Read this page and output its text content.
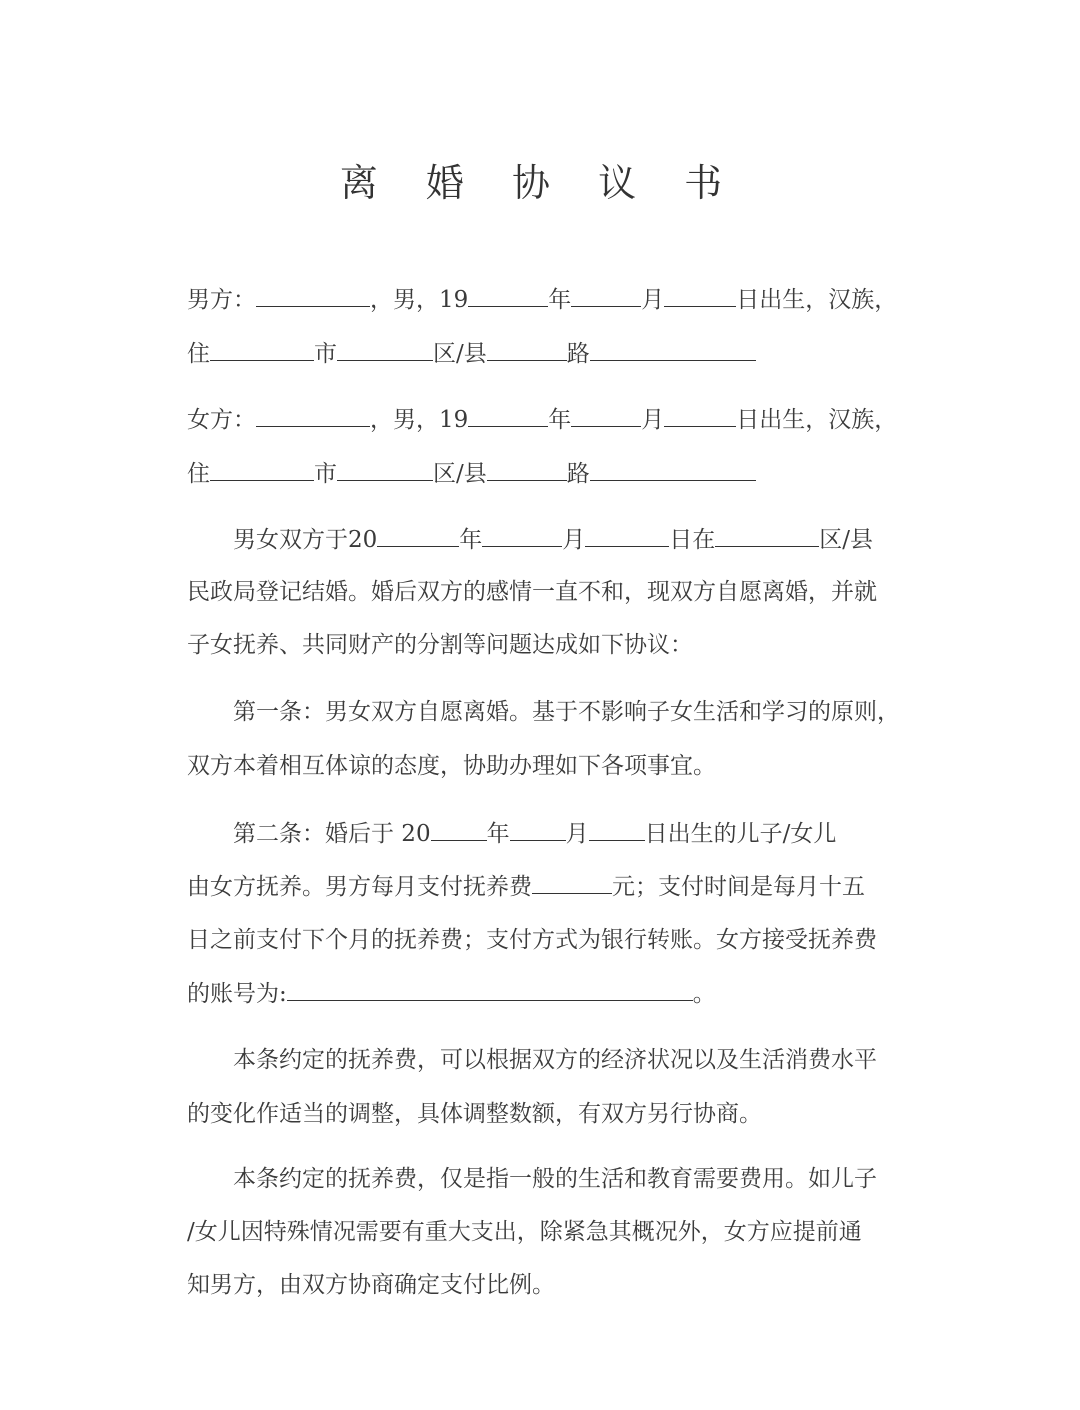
离 婚 协 议 书
男方：	，男，19	年	月	日出生，汉族，
住	市	区/县	路
女方：	，男，19	年	月	日出生，汉族，
住	市	区/县	路
男女双方于20	年	月	日在	区/县
民政局登记结婚。婚后双方的感情一直不和，现双方自愿离婚，并就
子女抚养、共同财产的分割等问题达成如下协议：
第一条：男女双方自愿离婚。基于不影响子女生活和学习的原则，
双方本着相互体谅的态度，协助办理如下各项事宜。
第二条：婚后于 20 年 月 日出生的儿子/女儿
由女方抚养。男方每月支付抚养费	元；支付时间是每月十五
日之前支付下个月的抚养费；支付方式为银行转账。女方接受抚养费
的账号为:	。
本条约定的抚养费，可以根据双方的经济状况以及生活消费水平
的变化作适当的调整，具体调整数额，有双方另行协商。
本条约定的抚养费，仅是指一般的生活和教育需要费用。如儿子
/女儿因特殊情况需要有重大支出，除紧急其概况外，女方应提前通
知男方，由双方协商确定支付比例。
